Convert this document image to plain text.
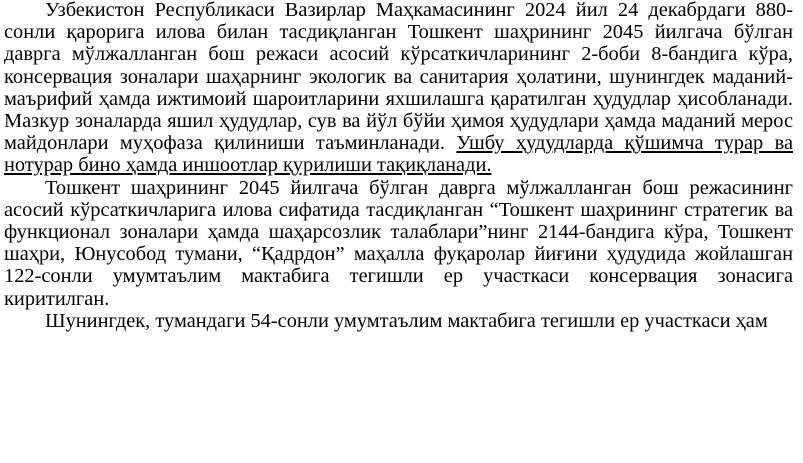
Узбекистон Республикаси Вазирлар Маҳкамасининг 2024 йил 24 декабрдаги 880-сонли қарорига илова билан тасдиқланган Тошкент шаҳрининг 2045 йилгача бўлган даврга мўлжалланган бош режаси асосий кўрсаткичларининг 2-боби 8-бандига кўра, консервация зоналари шаҳарнинг экологик ва санитария ҳолатини, шунингдек маданий-маърифий ҳамда ижтимоий шароитларини яхшилашга қаратилган ҳудудлар ҳисобланади. Мазкур зоналарда яшил ҳудудлар, сув ва йўл бўйи ҳимоя ҳудудлари ҳамда маданий мерос майдонлари муҳофаза қилиниши таъминланади. Ушбу ҳудудларда қўшимча турар ва нотурар бино ҳамда иншоотлар қурилиши тақиқланади.

Тошкент шаҳрининг 2045 йилгача бўлган даврга мўлжалланган бош режасининг асосий кўрсаткичларига илова сифатида тасдиқланган “Тошкент шаҳрининг стратегик ва функционал зоналари ҳамда шаҳарсозлик талаблари”нинг 2144-бандига кўра, Тошкент шаҳри, Юнусобод тумани, “Қадрдон” маҳалла фуқаролар йиғини ҳудудида жойлашган 122-сонли умумтаълим мактабига тегишли ер участкаси консервация зонасига киритилган.

Шунингдек, тумандаги 54-сонли умумтаълим мактабига тегишли ер участкаси ҳам
